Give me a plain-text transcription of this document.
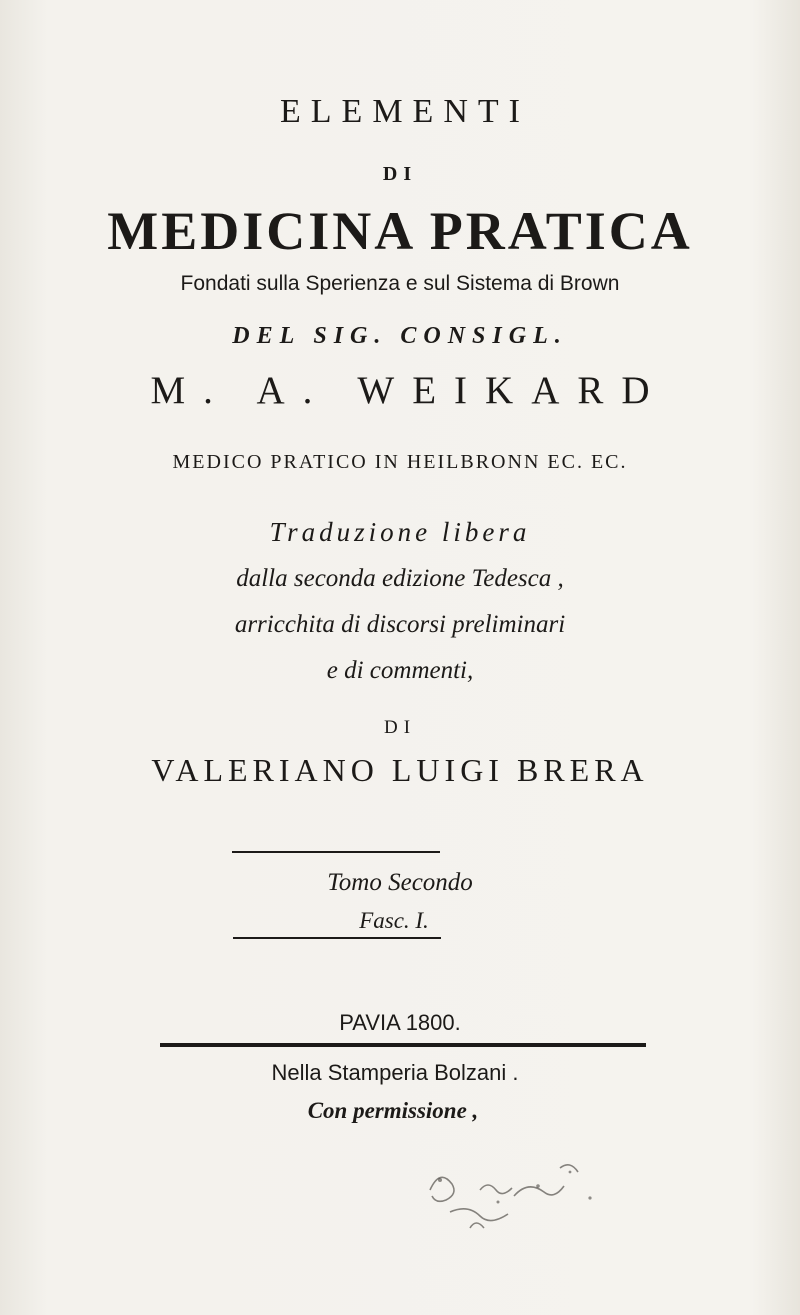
ELEMENTI
DI
MEDICINA PRATICA
Fondati sulla Sperienza e sul Sistema di Brown
DEL SIG. CONSIGL.
M. A. WEIKARD
MEDICO PRATICO IN HEILBRONN EC. EC.
Traduzione libera
dalla seconda edizione Tedesca ,
arricchita di discorsi preliminari
e di commenti,
DI
VALERIANO LUIGI BRERA
Tomo Secondo
Fasc. I.
PAVIA 1800.
Nella Stamperia Bolzani .
Con permissione ,
